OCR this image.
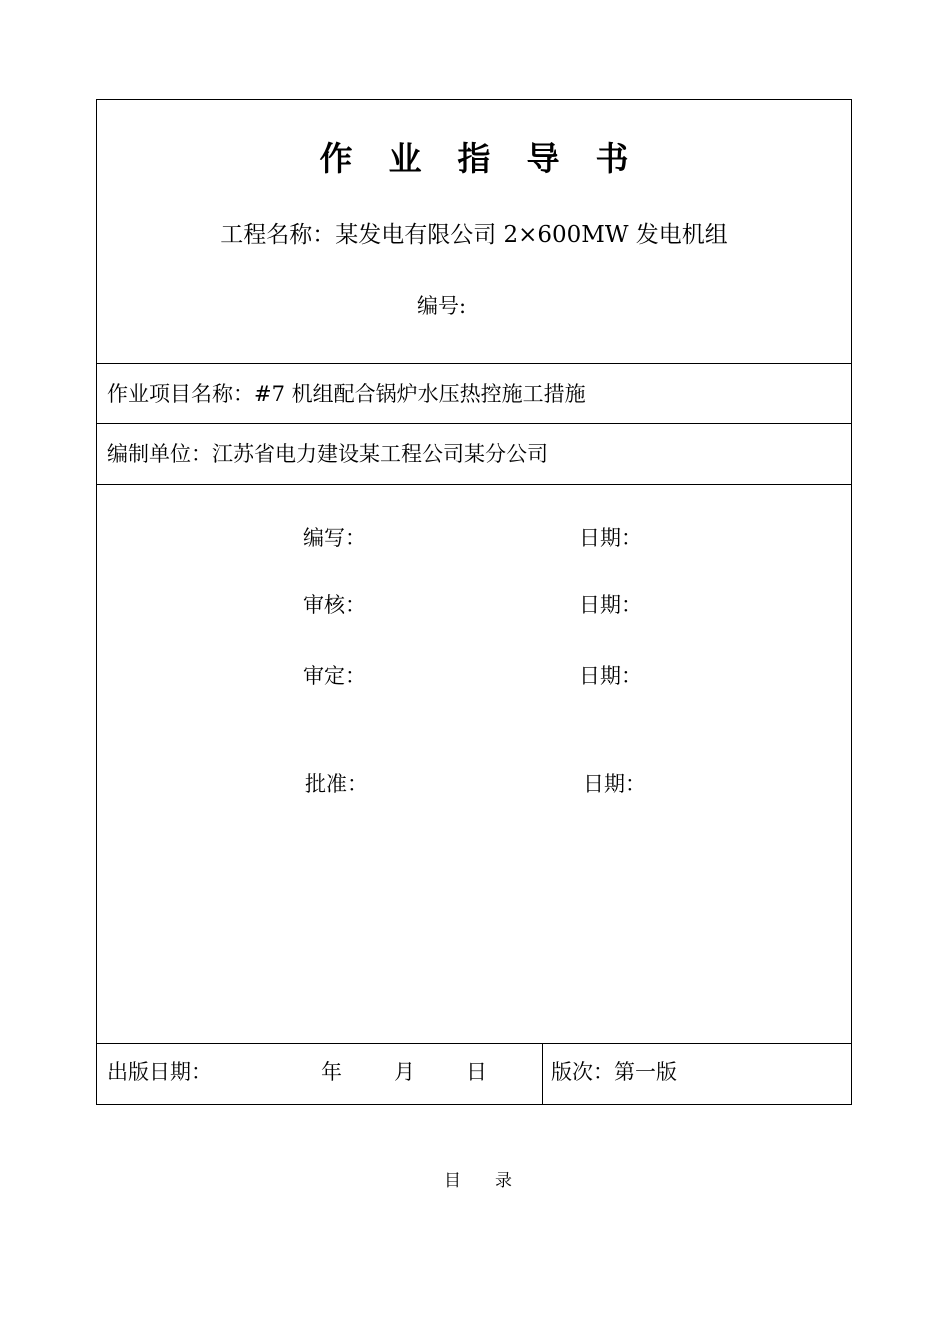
作业指导书
工程名称：某发电有限公司 2×600MW 发电机组
编号:
作业项目名称：#7 机组配合锅炉水压热控施工措施
编制单位：江苏省电力建设某工程公司某分公司
编写：	日期：
审核：	日期：
审定：	日期：
批准：	日期：
出版日期：	年 月 日	版次：第一版
目录
